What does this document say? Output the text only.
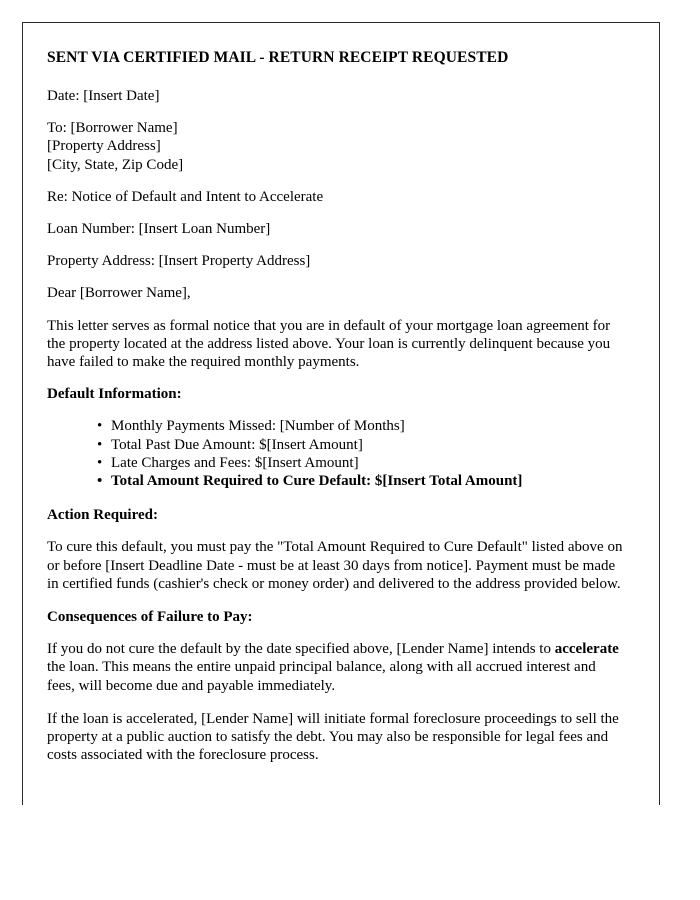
SENT VIA CERTIFIED MAIL - RETURN RECEIPT REQUESTED

Date: [Insert Date]

To: [Borrower Name]
[Property Address]
[City, State, Zip Code]

Re: Notice of Default and Intent to Accelerate

Loan Number: [Insert Loan Number]

Property Address: [Insert Property Address]

Dear [Borrower Name],

This letter serves as formal notice that you are in default of your mortgage loan agreement for the property located at the address listed above. Your loan is currently delinquent because you have failed to make the required monthly payments.

Default Information:

• Monthly Payments Missed: [Number of Months]
• Total Past Due Amount: $[Insert Amount]
• Late Charges and Fees: $[Insert Amount]
• Total Amount Required to Cure Default: $[Insert Total Amount]

Action Required:

To cure this default, you must pay the "Total Amount Required to Cure Default" listed above on or before [Insert Deadline Date - must be at least 30 days from notice]. Payment must be made in certified funds (cashier's check or money order) and delivered to the address provided below.

Consequences of Failure to Pay:

If you do not cure the default by the date specified above, [Lender Name] intends to accelerate the loan. This means the entire unpaid principal balance, along with all accrued interest and fees, will become due and payable immediately.

If the loan is accelerated, [Lender Name] will initiate formal foreclosure proceedings to sell the property at a public auction to satisfy the debt. You may also be responsible for legal fees and costs associated with the foreclosure process.
